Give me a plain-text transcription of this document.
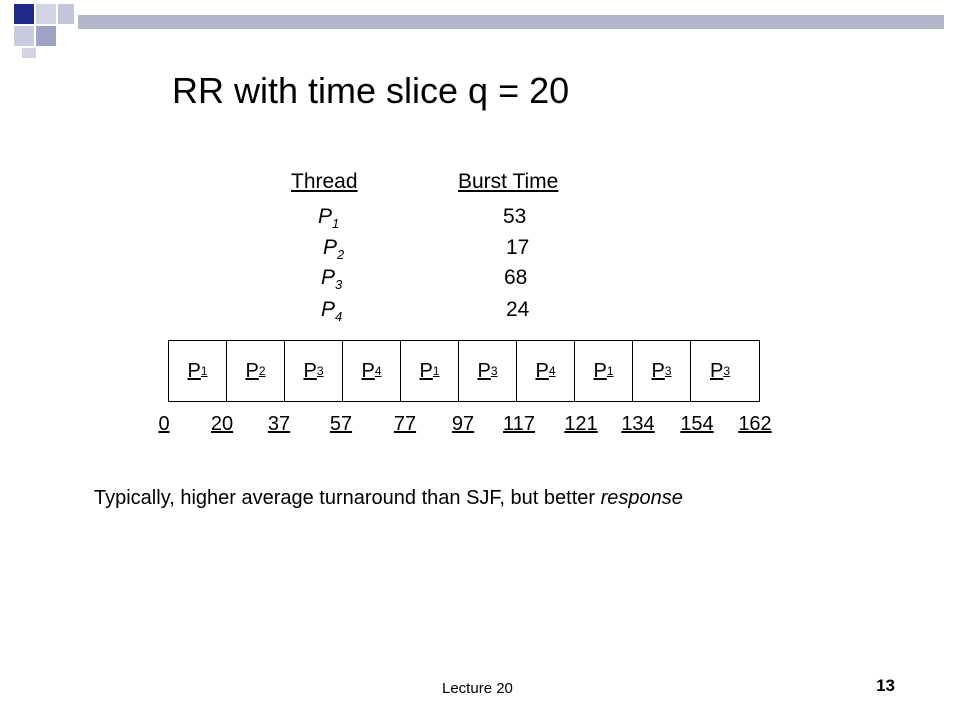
RR with time slice q = 20
Thread	Burst Time
$P_1$	53
$P_2$	17
$P_3$	68
$P_4$	24
P 1	P 2	P 3	P 4	P 1	P 3	P 4	P 1	P 3	P 3
0 20 37 57 77 97 117 121 134 154 162
Typically, higher average turnaround than SJF, but better response
Lecture 20	13
